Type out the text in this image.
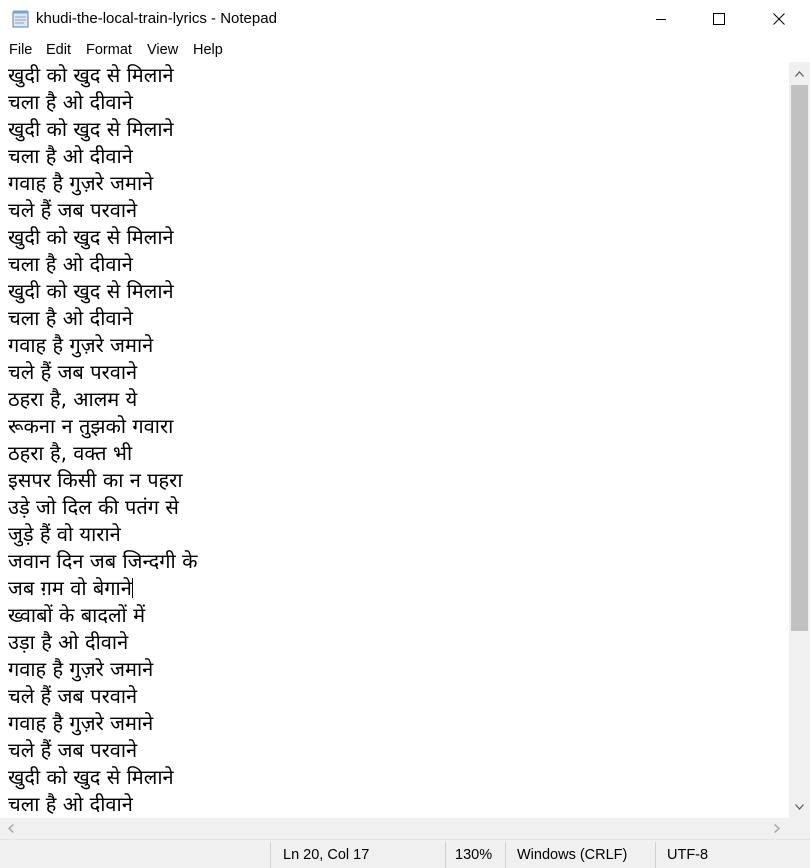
khudi-the-local-train-lyrics - Notepad
File Edit Format View Help
खुदी को खुद से मिलाने
चला है ओ दीवाने
खुदी को खुद से मिलाने
चला है ओ दीवाने
गवाह है गुज़रे जमाने
चले हैं जब परवाने
खुदी को खुद से मिलाने
चला है ओ दीवाने
खुदी को खुद से मिलाने
चला है ओ दीवाने
गवाह है गुज़रे जमाने
चले हैं जब परवाने
ठहरा है, आलम ये
रूकना न तुझको गवारा
ठहरा है, वक्त भी
इसपर किसी का न पहरा
उड़े जो दिल की पतंग से
जुड़े हैं वो याराने
जवान दिन जब जिन्दगी के
जब ग़म वो बेगाने
ख्वाबों के बादलों में
उड़ा है ओ दीवाने
गवाह है गुज़रे जमाने
चले हैं जब परवाने
गवाह है गुज़रे जमाने
चले हैं जब परवाने
खुदी को खुद से मिलाने
चला है ओ दीवाने
Ln 20, Col 17	130% Windows (CRLF)	UTF-8
